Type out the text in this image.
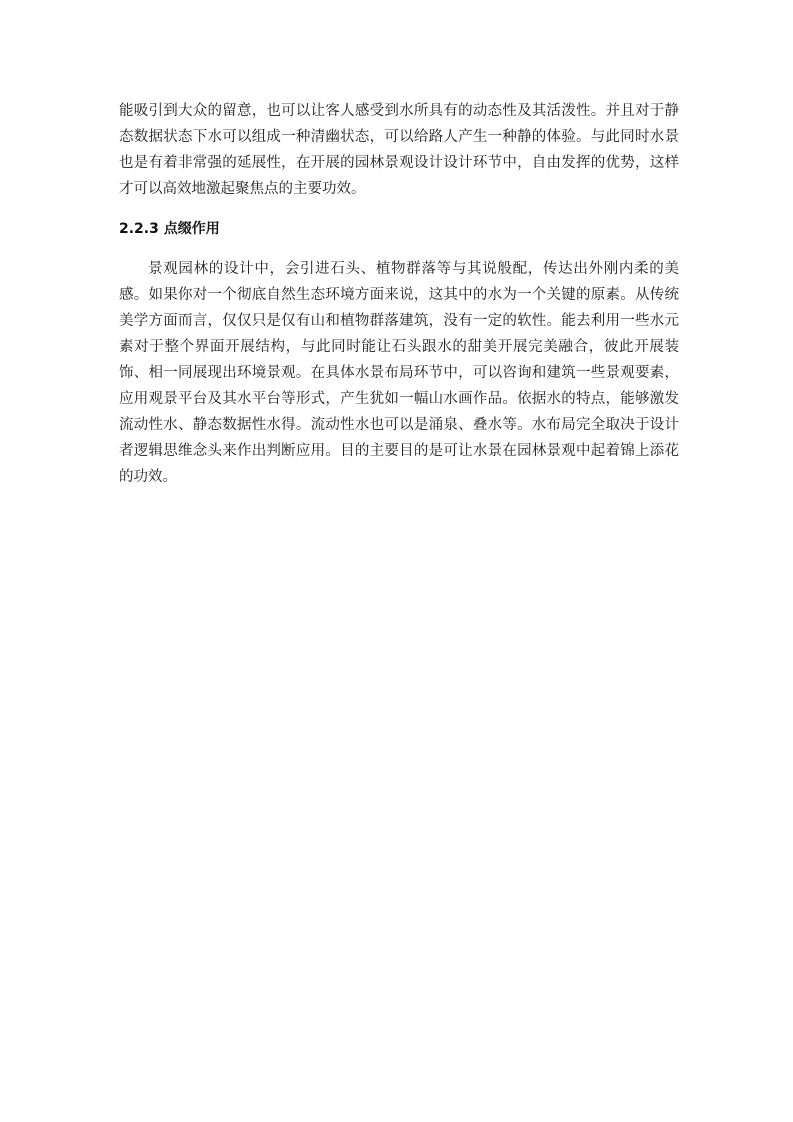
能吸引到大众的留意，也可以让客人感受到水所具有的动态性及其活泼性。并且对于静态数据状态下水可以组成一种清幽状态，可以给路人产生一种静的体验。与此同时水景也是有着非常强的延展性，在开展的园林景观设计设计环节中，自由发挥的优势，这样才可以高效地激起聚焦点的主要功效。

2.2.3 点缀作用

景观园林的设计中，会引进石头、植物群落等与其说般配，传达出外刚内柔的美感。如果你对一个彻底自然生态环境方面来说，这其中的水为一个关键的原素。从传统美学方面而言，仅仅只是仅有山和植物群落建筑，没有一定的软性。能去利用一些水元素对于整个界面开展结构，与此同时能让石头跟水的甜美开展完美融合，彼此开展装饰、相一同展现出环境景观。在具体水景布局环节中，可以咨询和建筑一些景观要素，应用观景平台及其水平台等形式，产生犹如一幅山水画作品。依据水的特点，能够激发流动性水、静态数据性水得。流动性水也可以是涌泉、叠水等。水布局完全取决于设计者逻辑思维念头来作出判断应用。目的主要目的是可让水景在园林景观中起着锦上添花的功效。
